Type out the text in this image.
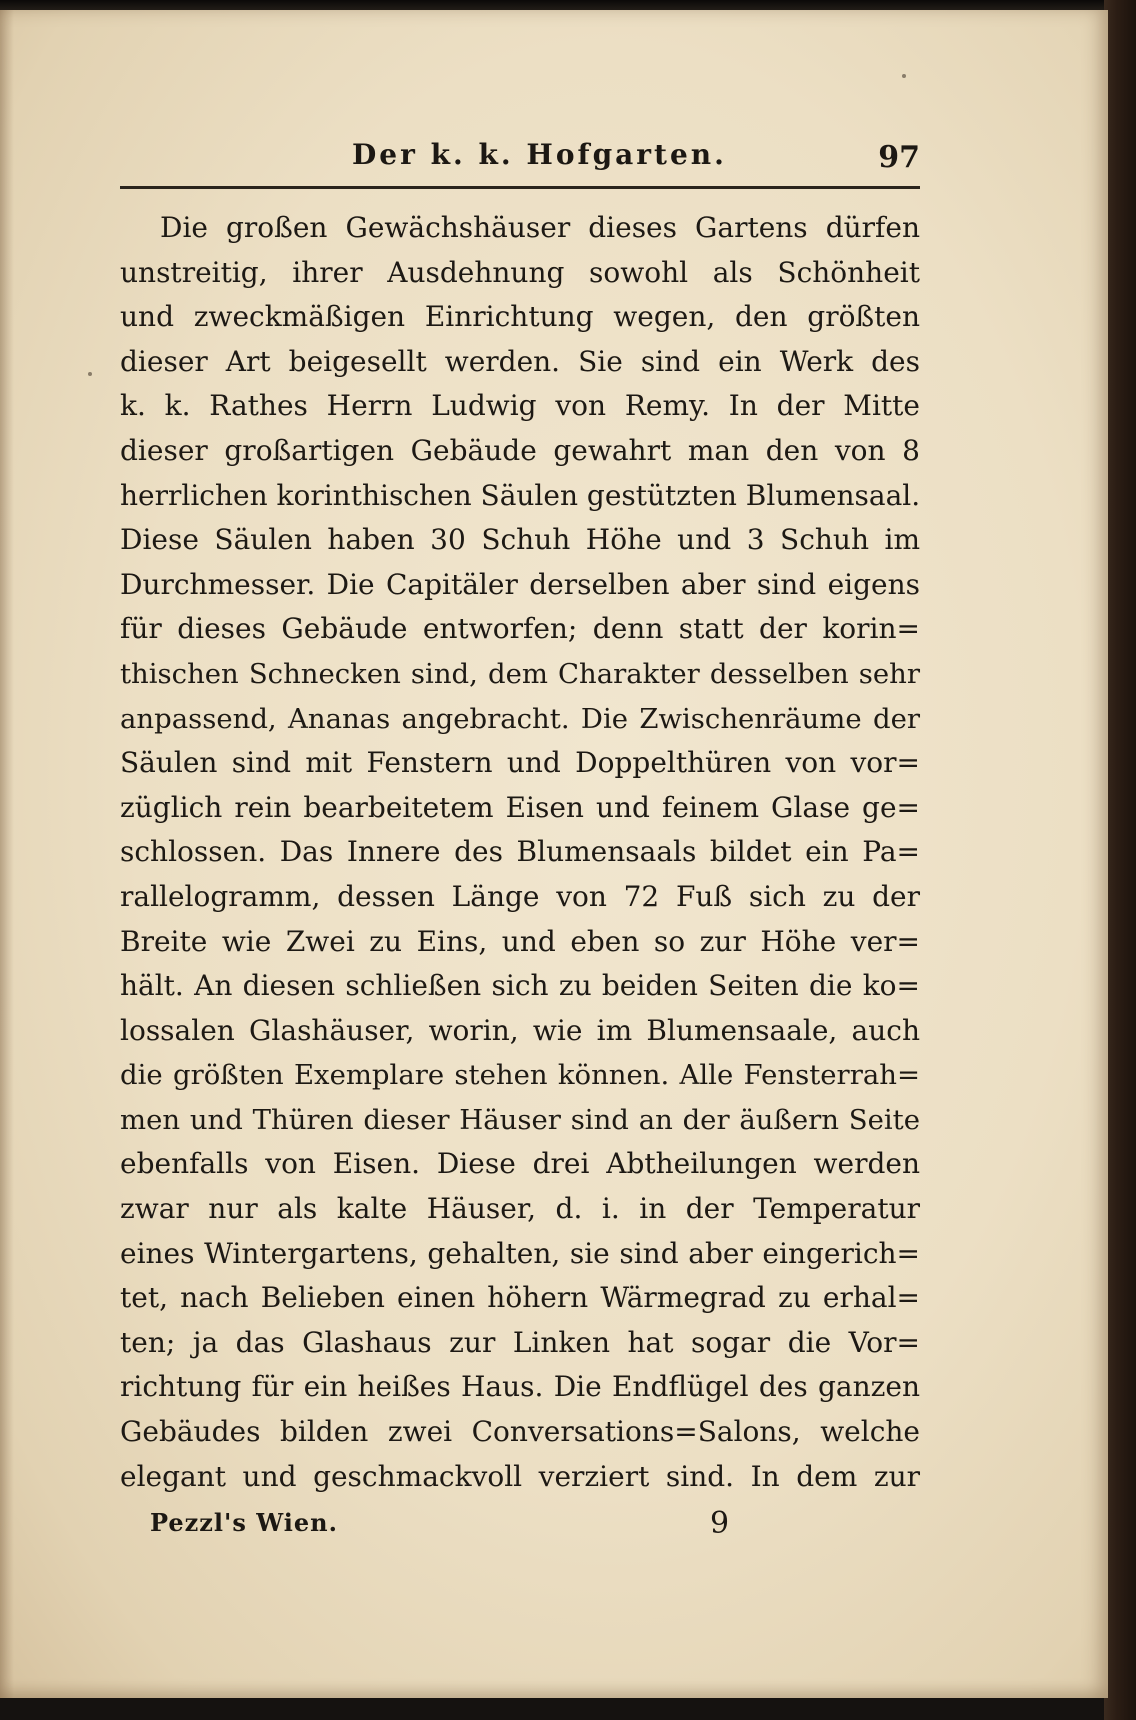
Der k. k. Hofgarten.	97
Die großen Gewächshäuser dieses Gartens dürfen
unstreitig, ihrer Ausdehnung sowohl als Schönheit
und zweckmäßigen Einrichtung wegen, den größten
dieser Art beigesellt werden. Sie sind ein Werk des
k. k. Rathes Herrn Ludwig von Remy. In der Mitte
dieser großartigen Gebäude gewahrt man den von 8
herrlichen korinthischen Säulen gestützten Blumensaal.
Diese Säulen haben 30 Schuh Höhe und 3 Schuh im
Durchmesser. Die Capitäler derselben aber sind eigens
für dieses Gebäude entworfen; denn statt der korin=
thischen Schnecken sind, dem Charakter desselben sehr
anpassend, Ananas angebracht. Die Zwischenräume der
Säulen sind mit Fenstern und Doppelthüren von vor=
züglich rein bearbeitetem Eisen und feinem Glase ge=
schlossen. Das Innere des Blumensaals bildet ein Pa=
rallelogramm, dessen Länge von 72 Fuß sich zu der
Breite wie Zwei zu Eins, und eben so zur Höhe ver=
hält. An diesen schließen sich zu beiden Seiten die ko=
lossalen Glashäuser, worin, wie im Blumensaale, auch
die größten Exemplare stehen können. Alle Fensterrah=
men und Thüren dieser Häuser sind an der äußern Seite
ebenfalls von Eisen. Diese drei Abtheilungen werden
zwar nur als kalte Häuser, d. i. in der Temperatur
eines Wintergartens, gehalten, sie sind aber eingerich=
tet, nach Belieben einen höhern Wärmegrad zu erhal=
ten; ja das Glashaus zur Linken hat sogar die Vor=
richtung für ein heißes Haus. Die Endflügel des ganzen
Gebäudes bilden zwei Conversations=Salons, welche
elegant und geschmackvoll verziert sind. In dem zur
Pezzl's Wien.	9
